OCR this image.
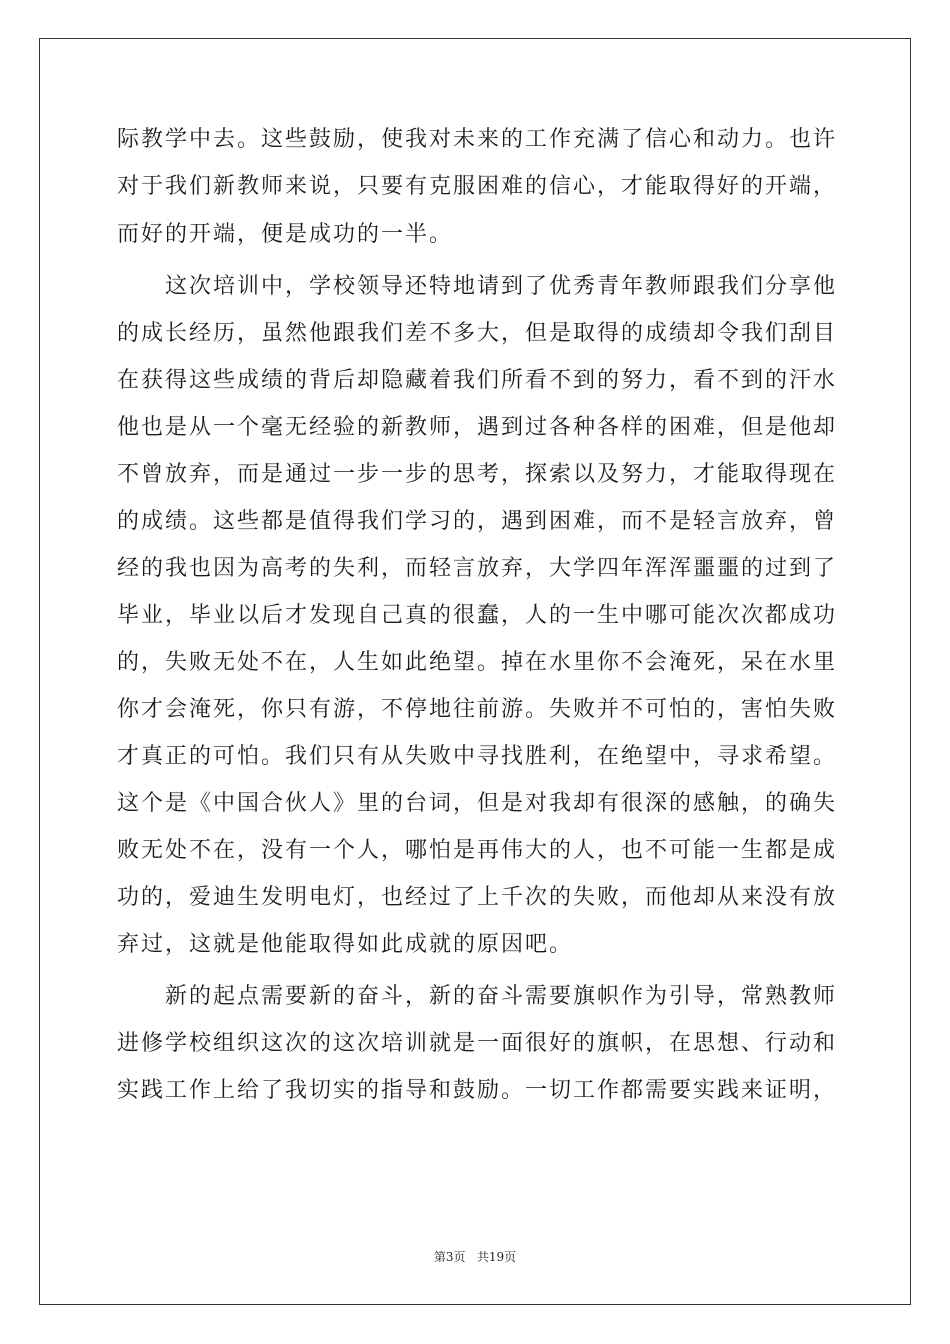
际教学中去。这些鼓励，使我对未来的工作充满了信心和动力。也许
对于我们新教师来说，只要有克服困难的信心，才能取得好的开端，
而好的开端，便是成功的一半。
　　这次培训中，学校领导还特地请到了优秀青年教师跟我们分享他
的成长经历，虽然他跟我们差不多大，但是取得的成绩却令我们刮目
在获得这些成绩的背后却隐藏着我们所看不到的努力，看不到的汗水
他也是从一个毫无经验的新教师，遇到过各种各样的困难，但是他却
不曾放弃，而是通过一步一步的思考，探索以及努力，才能取得现在
的成绩。这些都是值得我们学习的，遇到困难，而不是轻言放弃，曾
经的我也因为高考的失利，而轻言放弃，大学四年浑浑噩噩的过到了
毕业，毕业以后才发现自己真的很蠢，人的一生中哪可能次次都成功
的，失败无处不在，人生如此绝望。掉在水里你不会淹死，呆在水里
你才会淹死，你只有游，不停地往前游。失败并不可怕的，害怕失败
才真正的可怕。我们只有从失败中寻找胜利，在绝望中，寻求希望。
这个是《中国合伙人》里的台词，但是对我却有很深的感触，的确失
败无处不在，没有一个人，哪怕是再伟大的人，也不可能一生都是成
功的，爱迪生发明电灯，也经过了上千次的失败，而他却从来没有放
弃过，这就是他能取得如此成就的原因吧。
　　新的起点需要新的奋斗，新的奋斗需要旗帜作为引导，常熟教师
进修学校组织这次的这次培训就是一面很好的旗帜，在思想、行动和
实践工作上给了我切实的指导和鼓励。一切工作都需要实践来证明，
第3页 共19页
